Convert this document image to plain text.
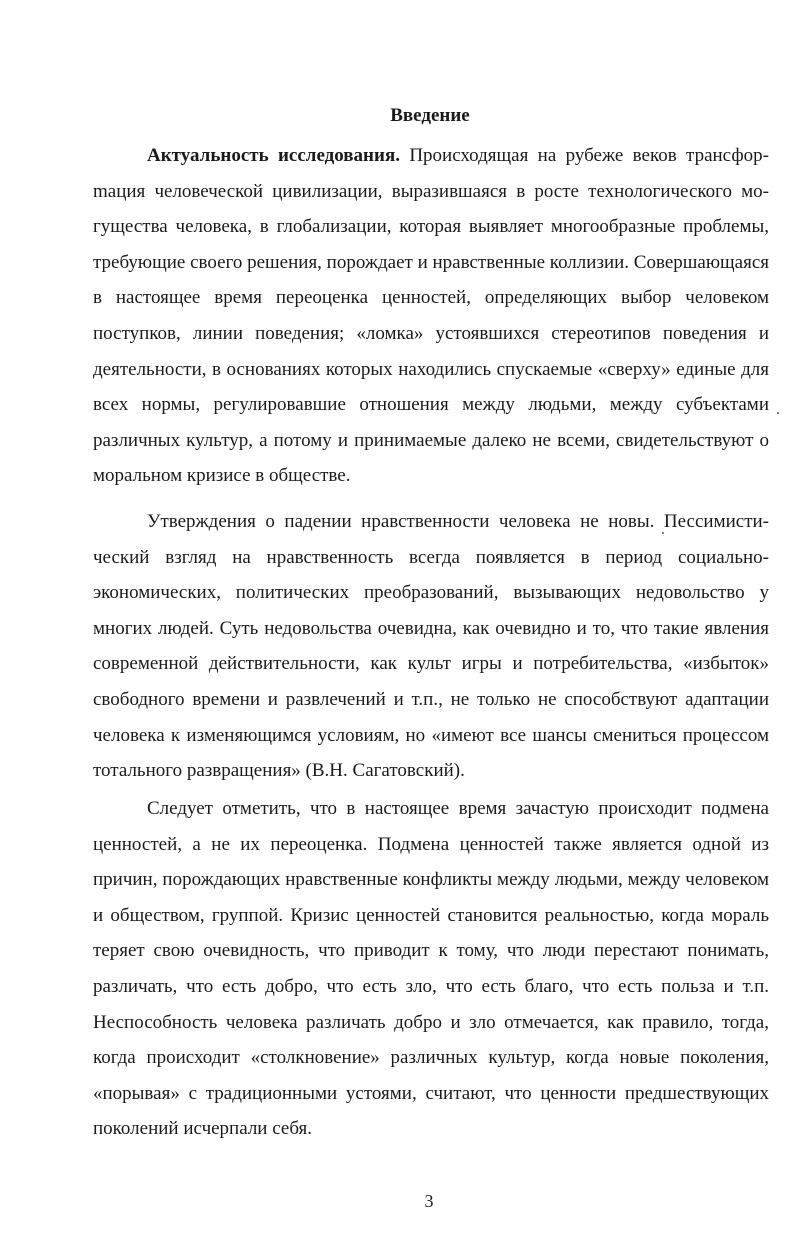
Введение

Актуальность исследования. Происходящая на рубеже веков трансфорmация человеческой цивилизации, выразившаяся в росте технологического могущества человека, в глобализации, которая выявляет многообразные проблемы, требующие своего решения, порождает и нравственные коллизии. Совершающаяся в настоящее время переоценка ценностей, определяющих выбор человеком поступков, линии поведения; «ломка» устоявшихся стереотипов поведения и деятельности, в основаниях которых находились спускаемые «сверху» единые для всех нормы, регулировавшие отношения между людьми, между субъектами различных культур, а потому и принимаемые далеко не всеми, свидетельствуют о моральном кризисе в обществе.

Утверждения о падении нравственности человека не новы. Пессимистический взгляд на нравственность всегда появляется в период социально-экономических, политических преобразований, вызывающих недовольство у многих людей. Суть недовольства очевидна, как очевидно и то, что такие явления современной действительности, как культ игры и потребительства, «избыток» свободного времени и развлечений и т.п., не только не способствуют адаптации человека к изменяющимся условиям, но «имеют все шансы смениться процессом тотального развращения» (В.Н. Сагатовский).

Следует отметить, что в настоящее время зачастую происходит подмена ценностей, а не их переоценка. Подмена ценностей также является одной из причин, порождающих нравственные конфликты между людьми, между человеком и обществом, группой. Кризис ценностей становится реальностью, когда мораль теряет свою очевидность, что приводит к тому, что люди перестают понимать, различать, что есть добро, что есть зло, что есть благо, что есть польза и т.п. Неспособность человека различать добро и зло отмечается, как правило, тогда, когда происходит «столкновение» различных культур, когда новые поколения, «порывая» с традиционными устоями, считают, что ценности предшествующих поколений исчерпали себя.

3
